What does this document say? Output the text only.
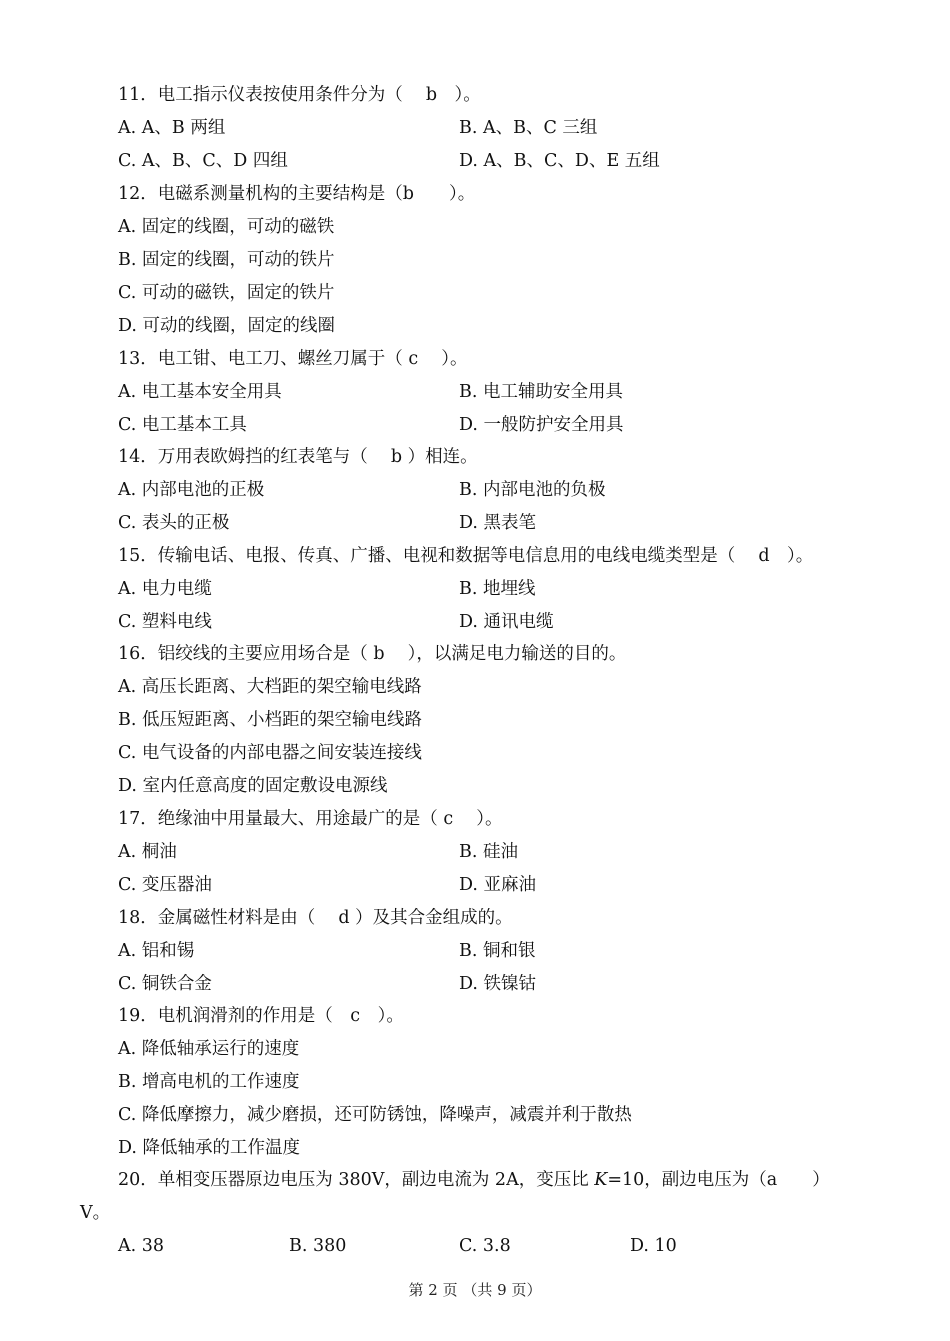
11．电工指示仪表按使用条件分为（　 b　）。
A. A、B 两组	B. A、B、C 三组
C. A、B、C、D 四组	D. A、B、C、D、E 五组
12．电磁系测量机构的主要结构是（b　　）。
A. 固定的线圈，可动的磁铁
B. 固定的线圈，可动的铁片
C. 可动的磁铁，固定的铁片
D. 可动的线圈，固定的线圈
13．电工钳、电工刀、螺丝刀属于（ c　 ）。
A. 电工基本安全用具	B. 电工辅助安全用具
C. 电工基本工具	D. 一般防护安全用具
14．万用表欧姆挡的红表笔与（　 b ）相连。
A. 内部电池的正极	B. 内部电池的负极
C. 表头的正极	D. 黑表笔
15．传输电话、电报、传真、广播、电视和数据等电信息用的电线电缆类型是（　 d　）。
A. 电力电缆	B. 地埋线
C. 塑料电线	D. 通讯电缆
16．铝绞线的主要应用场合是（ b　 ），以满足电力输送的目的。
A. 高压长距离、大档距的架空输电线路
B. 低压短距离、小档距的架空输电线路
C. 电气设备的内部电器之间安装连接线
D. 室内任意高度的固定敷设电源线
17．绝缘油中用量最大、用途最广的是（ c　 ）。
A. 桐油	B. 硅油
C. 变压器油	D. 亚麻油
18．金属磁性材料是由（　 d ）及其合金组成的。
A. 铝和锡	B. 铜和银
C. 铜铁合金	D. 铁镍钴
19．电机润滑剂的作用是（　c　）。
A. 降低轴承运行的速度
B. 增高电机的工作速度
C. 降低摩擦力，减少磨损，还可防锈蚀，降噪声，减震并利于散热
D. 降低轴承的工作温度
20．单相变压器原边电压为 380V，副边电流为 2A，变压比 K=10，副边电压为（a　　）
V。
A. 38	B. 380	C. 3.8	D. 10
第 2 页 （共 9 页）
